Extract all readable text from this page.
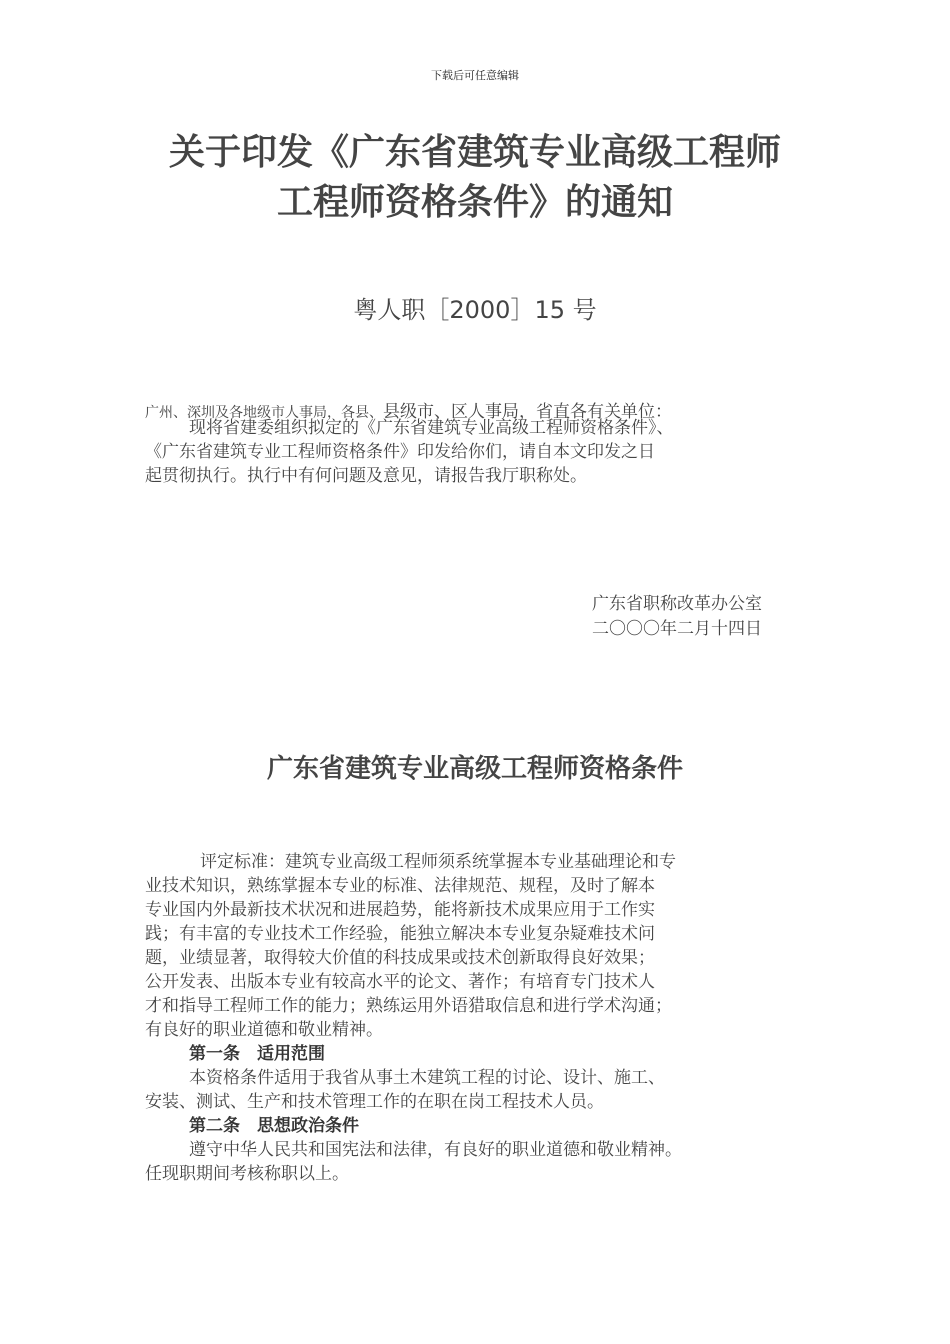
下载后可任意编辑
关于印发《广东省建筑专业高级工程师
工程师资格条件》的通知
粤人职［2000］15 号
广州、深圳及各地级市人事局，各县、县级市、区人事局，省直各有关单位：
现将省建委组织拟定的《广东省建筑专业高级工程师资格条件》、
《广东省建筑专业工程师资格条件》印发给你们，请自本文印发之日
起贯彻执行。执行中有何问题及意见，请报告我厅职称处。
广东省职称改革办公室
二〇〇〇年二月十四日
广东省建筑专业高级工程师资格条件
评定标准：建筑专业高级工程师须系统掌握本专业基础理论和专
业技术知识，熟练掌握本专业的标准、法律规范、规程，及时了解本
专业国内外最新技术状况和进展趋势，能将新技术成果应用于工作实
践；有丰富的专业技术工作经验，能独立解决本专业复杂疑难技术问
题，业绩显著，取得较大价值的科技成果或技术创新取得良好效果；
公开发表、出版本专业有较高水平的论文、著作；有培育专门技术人
才和指导工程师工作的能力；熟练运用外语猎取信息和进行学术沟通；
有良好的职业道德和敬业精神。
第一条　适用范围
本资格条件适用于我省从事土木建筑工程的讨论、设计、施工、
安装、测试、生产和技术管理工作的在职在岗工程技术人员。
第二条　思想政治条件
遵守中华人民共和国宪法和法律，有良好的职业道德和敬业精神。
任现职期间考核称职以上。
